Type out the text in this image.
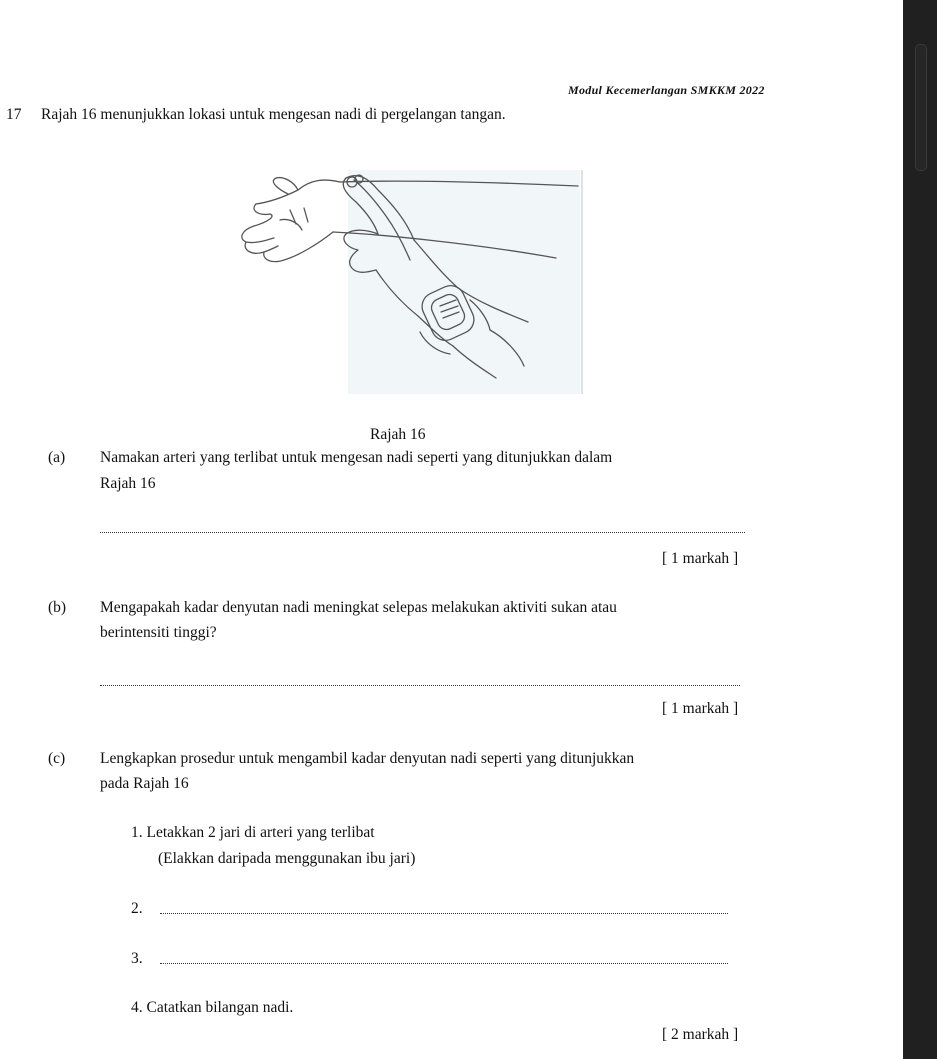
Modul Kecemerlangan SMKKM 2022
17 Rajah 16 menunjukkan lokasi untuk mengesan nadi di pergelangan tangan.
Rajah 16
(a) Namakan arteri yang terlibat untuk mengesan nadi seperti yang ditunjukkan dalam
Rajah 16
[ 1 markah ]
(b) Mengapakah kadar denyutan nadi meningkat selepas melakukan aktiviti sukan atau
berintensiti tinggi?
[ 1 markah ]
(c) Lengkapkan prosedur untuk mengambil kadar denyutan nadi seperti yang ditunjukkan
pada Rajah 16
1. Letakkan 2 jari di arteri yang terlibat
(Elakkan daripada menggunakan ibu jari)
2.
3.
4. Catatkan bilangan nadi.
[ 2 markah ]
